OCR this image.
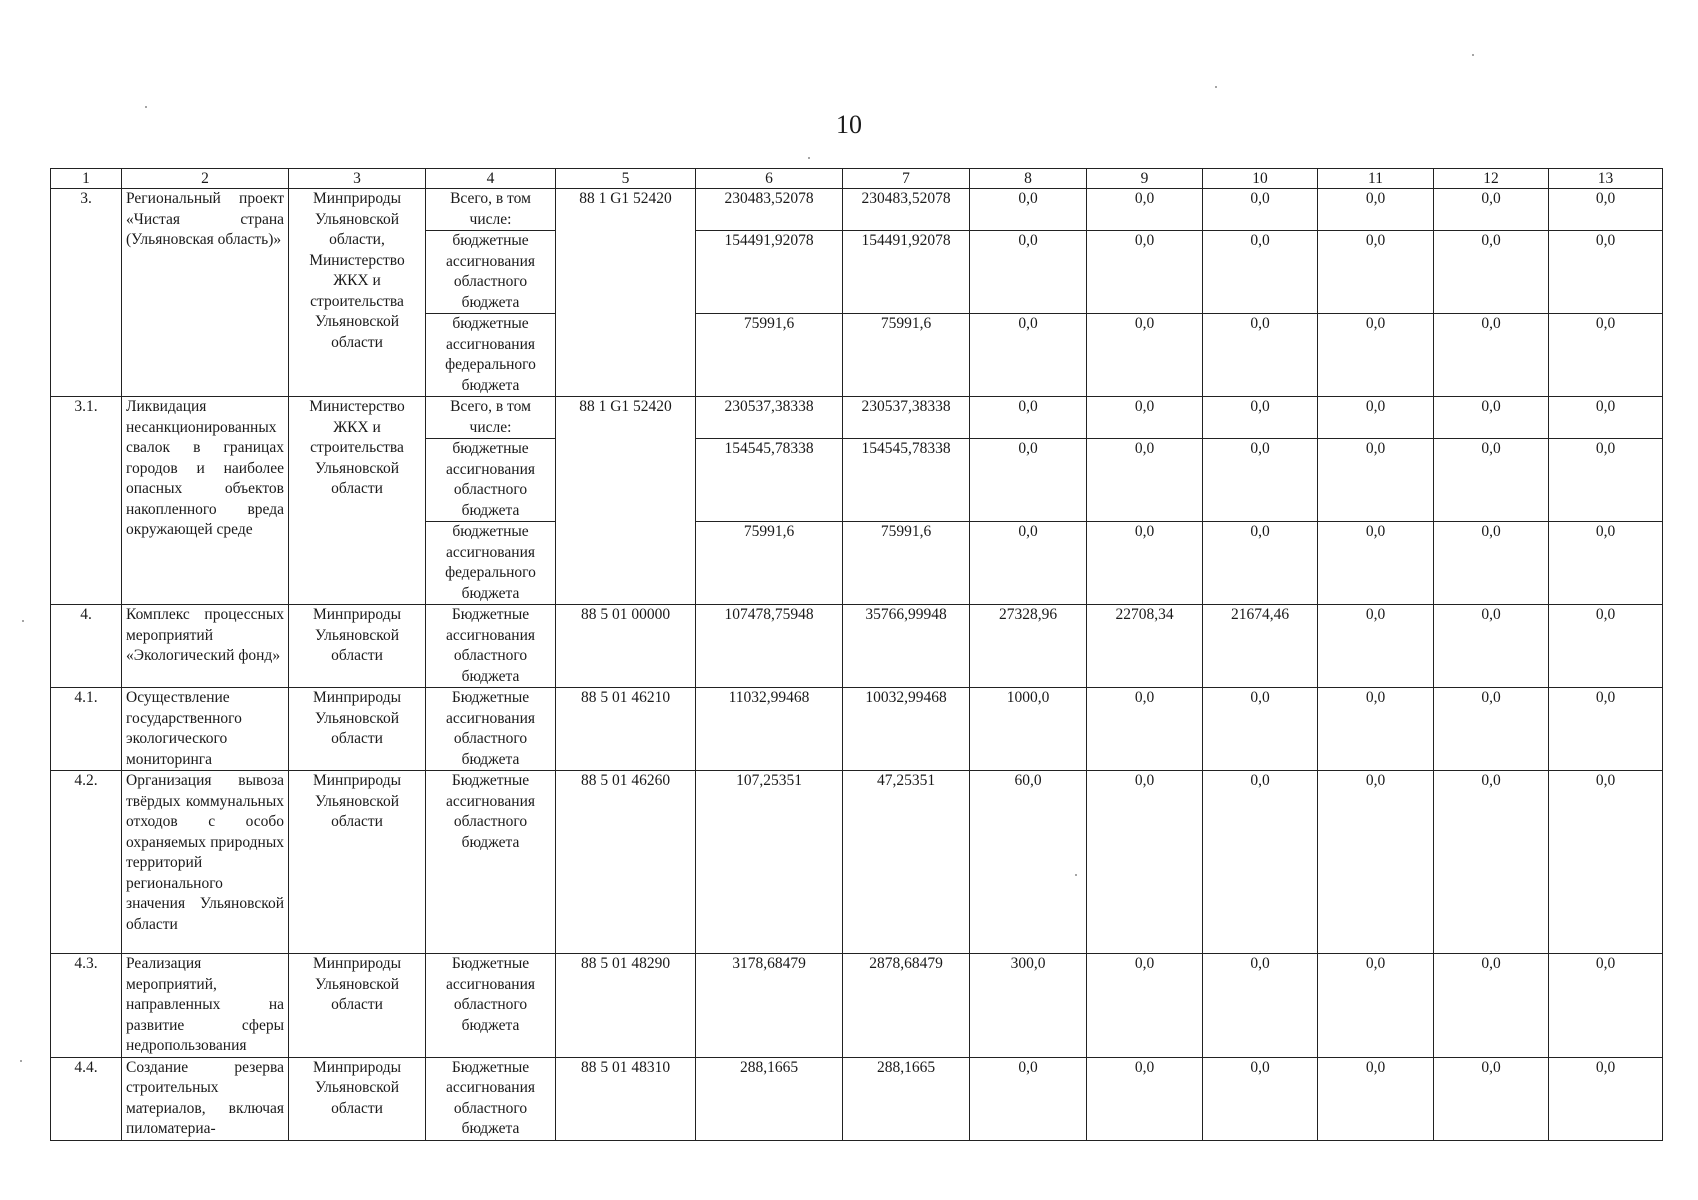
10
1	2	3	4	5	6	7	8	9	10	11	12	13
3.	Региональный проект «Чистая страна (Ульяновская область)»	Минприроды Ульяновской области, Министерство ЖКХ и строительства Ульяновской области	Всего, в том числе:	88 1 G1 52420	230483,52078	230483,52078	0,0	0,0	0,0	0,0	0,0	0,0
			бюджетные ассигнования областного бюджета		154491,92078	154491,92078	0,0	0,0	0,0	0,0	0,0	0,0
			бюджетные ассигнования федерального бюджета		75991,6	75991,6	0,0	0,0	0,0	0,0	0,0	0,0
3.1.	Ликвидация несанкционированных свалок в границах городов и наиболее опасных объектов накопленного вреда окружающей среде	Министерство ЖКХ и строительства Ульяновской области	Всего, в том числе:	88 1 G1 52420	230537,38338	230537,38338	0,0	0,0	0,0	0,0	0,0	0,0
			бюджетные ассигнования областного бюджета		154545,78338	154545,78338	0,0	0,0	0,0	0,0	0,0	0,0
			бюджетные ассигнования федерального бюджета		75991,6	75991,6	0,0	0,0	0,0	0,0	0,0	0,0
4.	Комплекс процессных мероприятий «Экологический фонд»	Минприроды Ульяновской области	Бюджетные ассигнования областного бюджета	88 5 01 00000	107478,75948	35766,99948	27328,96	22708,34	21674,46	0,0	0,0	0,0
4.1.	Осуществление государственного экологического мониторинга	Минприроды Ульяновской области	Бюджетные ассигнования областного бюджета	88 5 01 46210	11032,99468	10032,99468	1000,0	0,0	0,0	0,0	0,0	0,0
4.2.	Организация вывоза твёрдых коммунальных отходов с особо охраняемых природных территорий регионального значения Ульяновской области	Минприроды Ульяновской области	Бюджетные ассигнования областного бюджета	88 5 01 46260	107,25351	47,25351	60,0	0,0	0,0	0,0	0,0	0,0
4.3.	Реализация мероприятий, направленных на развитие сферы недропользования	Минприроды Ульяновской области	Бюджетные ассигнования областного бюджета	88 5 01 48290	3178,68479	2878,68479	300,0	0,0	0,0	0,0	0,0	0,0
4.4.	Создание резерва строительных материалов, включая пиломатериа-	Минприроды Ульяновской области	Бюджетные ассигнования областного бюджета	88 5 01 48310	288,1665	288,1665	0,0	0,0	0,0	0,0	0,0	0,0
